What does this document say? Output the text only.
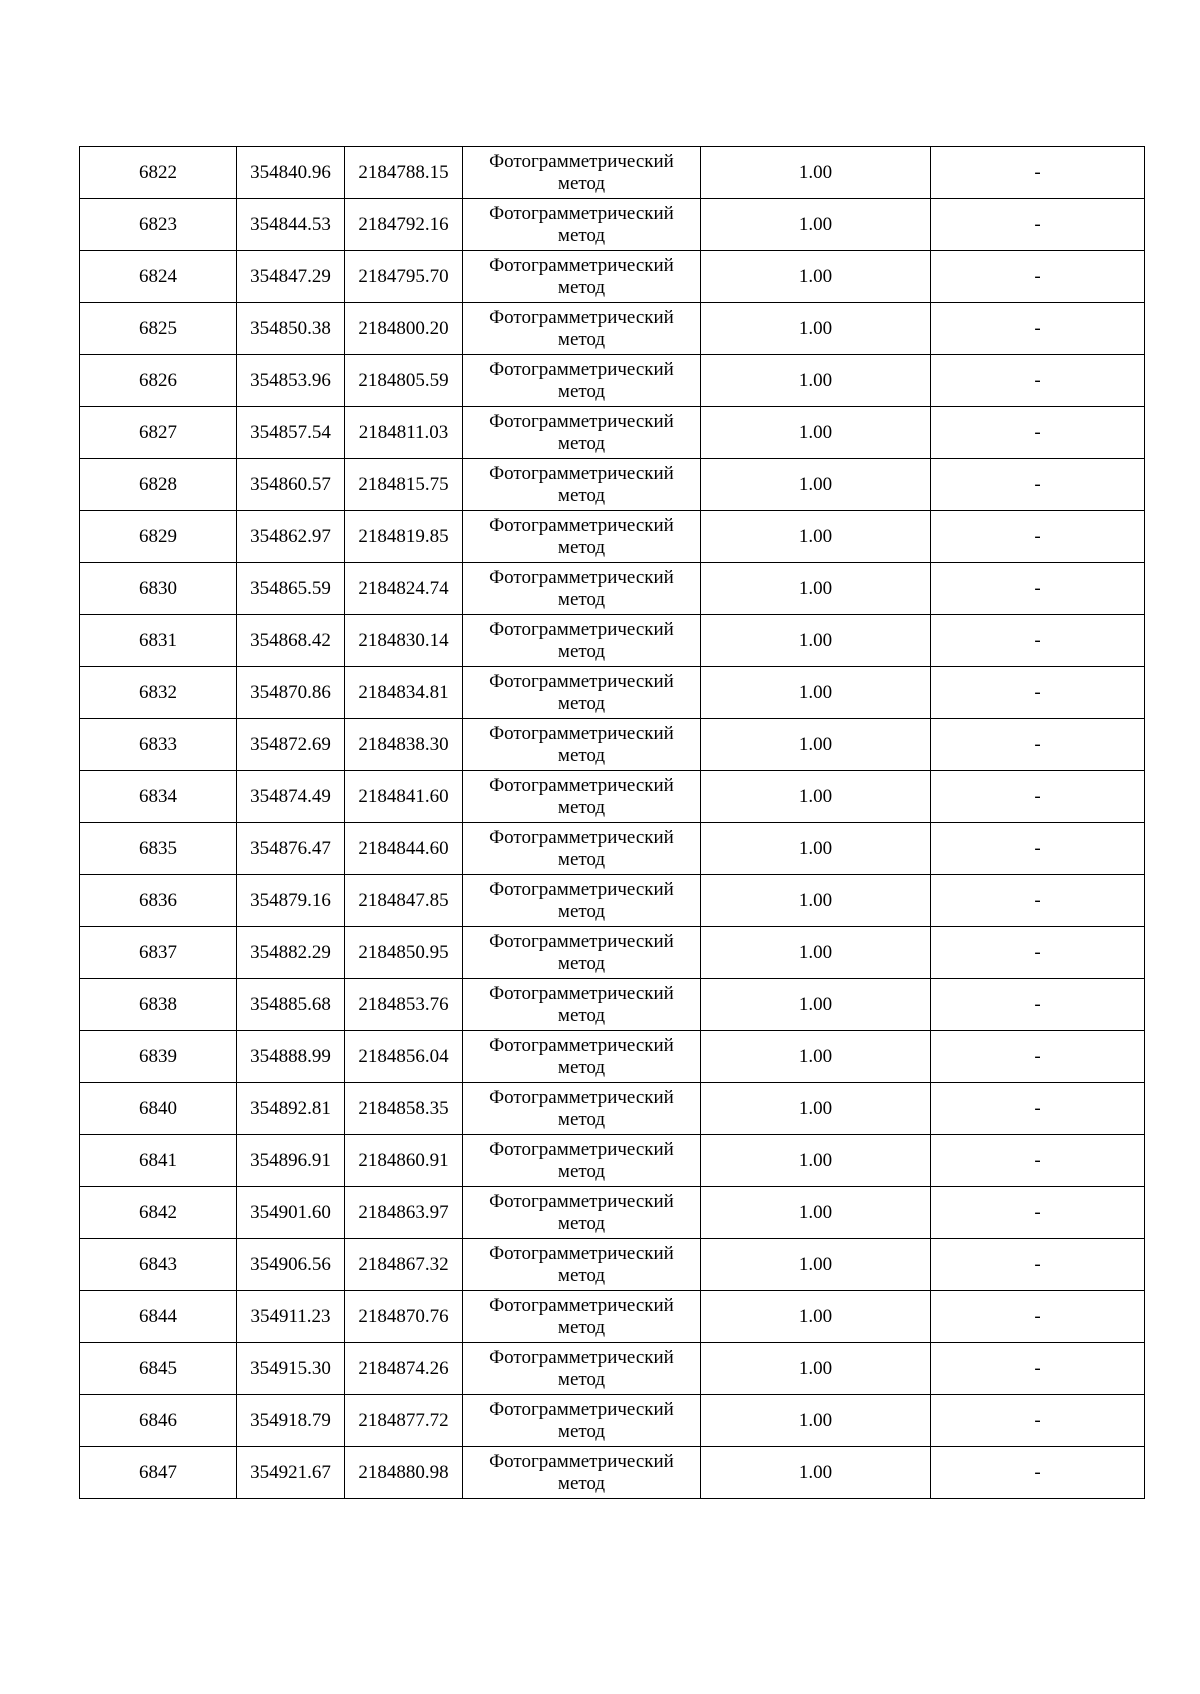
6822	354840.96	2184788.15	Фотограмметрический метод	1.00	-
6823	354844.53	2184792.16	Фотограмметрический метод	1.00	-
6824	354847.29	2184795.70	Фотограмметрический метод	1.00	-
6825	354850.38	2184800.20	Фотограмметрический метод	1.00	-
6826	354853.96	2184805.59	Фотограмметрический метод	1.00	-
6827	354857.54	2184811.03	Фотограмметрический метод	1.00	-
6828	354860.57	2184815.75	Фотограмметрический метод	1.00	-
6829	354862.97	2184819.85	Фотограмметрический метод	1.00	-
6830	354865.59	2184824.74	Фотограмметрический метод	1.00	-
6831	354868.42	2184830.14	Фотограмметрический метод	1.00	-
6832	354870.86	2184834.81	Фотограмметрический метод	1.00	-
6833	354872.69	2184838.30	Фотограмметрический метод	1.00	-
6834	354874.49	2184841.60	Фотограмметрический метод	1.00	-
6835	354876.47	2184844.60	Фотограмметрический метод	1.00	-
6836	354879.16	2184847.85	Фотограмметрический метод	1.00	-
6837	354882.29	2184850.95	Фотограмметрический метод	1.00	-
6838	354885.68	2184853.76	Фотограмметрический метод	1.00	-
6839	354888.99	2184856.04	Фотограмметрический метод	1.00	-
6840	354892.81	2184858.35	Фотограмметрический метод	1.00	-
6841	354896.91	2184860.91	Фотограмметрический метод	1.00	-
6842	354901.60	2184863.97	Фотограмметрический метод	1.00	-
6843	354906.56	2184867.32	Фотограмметрический метод	1.00	-
6844	354911.23	2184870.76	Фотограмметрический метод	1.00	-
6845	354915.30	2184874.26	Фотограмметрический метод	1.00	-
6846	354918.79	2184877.72	Фотограмметрический метод	1.00	-
6847	354921.67	2184880.98	Фотограмметрический метод	1.00	-
